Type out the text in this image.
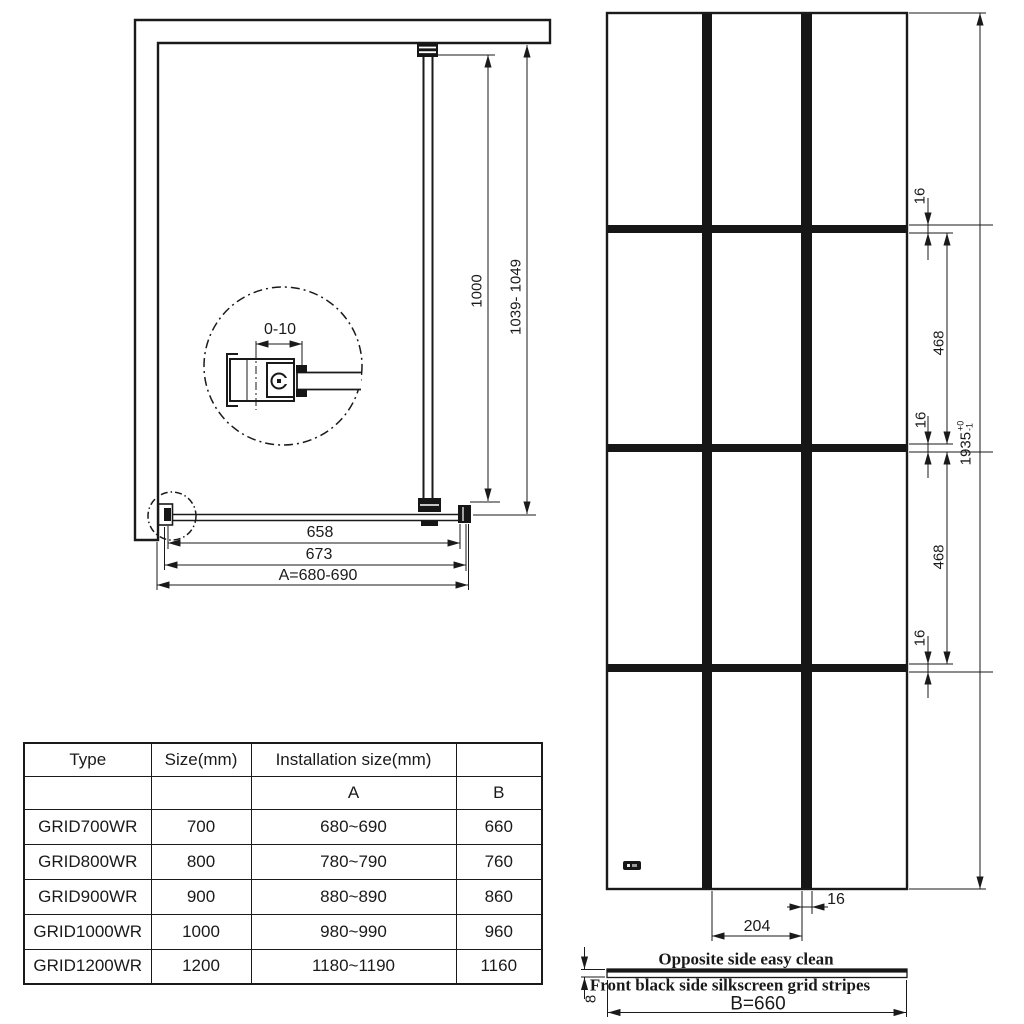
0-10
1000 1039- 1049
658
673
A=680-690
16
468
16
1935
+0 -1
468
16
16
204
Opposite side easy clean
Front black side silkscreen grid stripes
B=660
8
Type	Size(mm)	Installation size(mm)	
		A	B
GRID700WR	700	680~690	660
GRID800WR	800	780~790	760
GRID900WR	900	880~890	860
GRID1000WR	1000	980~990	960
GRID1200WR	1200	1180~1190	1160
